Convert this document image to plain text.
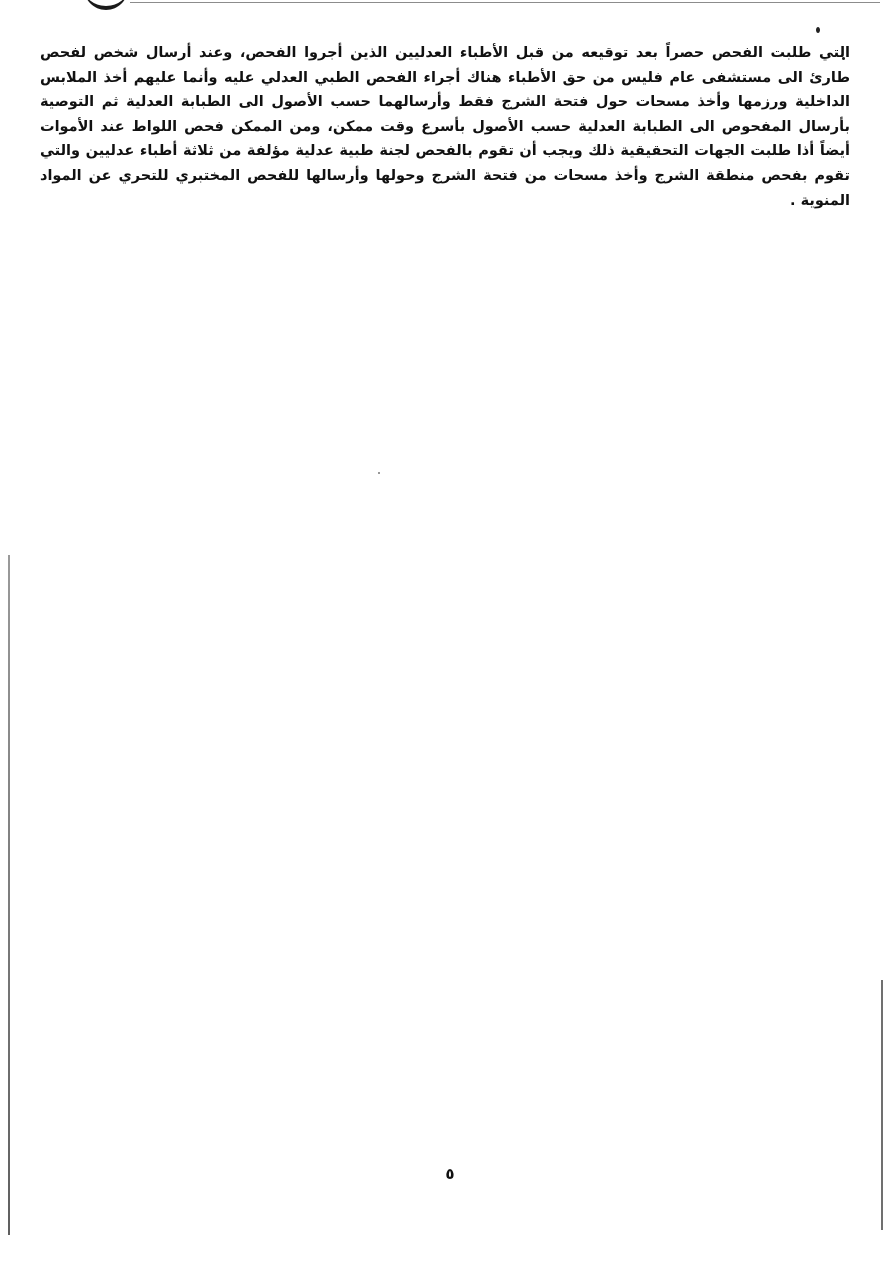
التي طلبت الفحص حصراً بعد توقيعه من قبل الأطباء العدليين الذين أجروا الفحص، وعند أرسال شخص لفحص طارئ الى مستشفى عام فليس من حق الأطباء هناك أجراء الفحص الطبي العدلي عليه وأنما عليهم أخذ الملابس الداخلية ورزمها وأخذ مسحات حول فتحة الشرج فقط وأرسالهما حسب الأصول الى الطبابة العدلية ثم التوصية بأرسال المفحوص الى الطبابة العدلية حسب الأصول بأسرع وقت ممكن، ومن الممكن فحص اللواط عند الأموات أيضاً أذا طلبت الجهات التحقيقية ذلك ويجب أن تقوم بالفحص لجنة طبية عدلية مؤلفة من ثلاثة أطباء عدليين والتي تقوم بفحص منطقة الشرج وأخذ مسحات من فتحة الشرج وحولها وأرسالها للفحص المختبري للتحري عن المواد المنوية .

٥
